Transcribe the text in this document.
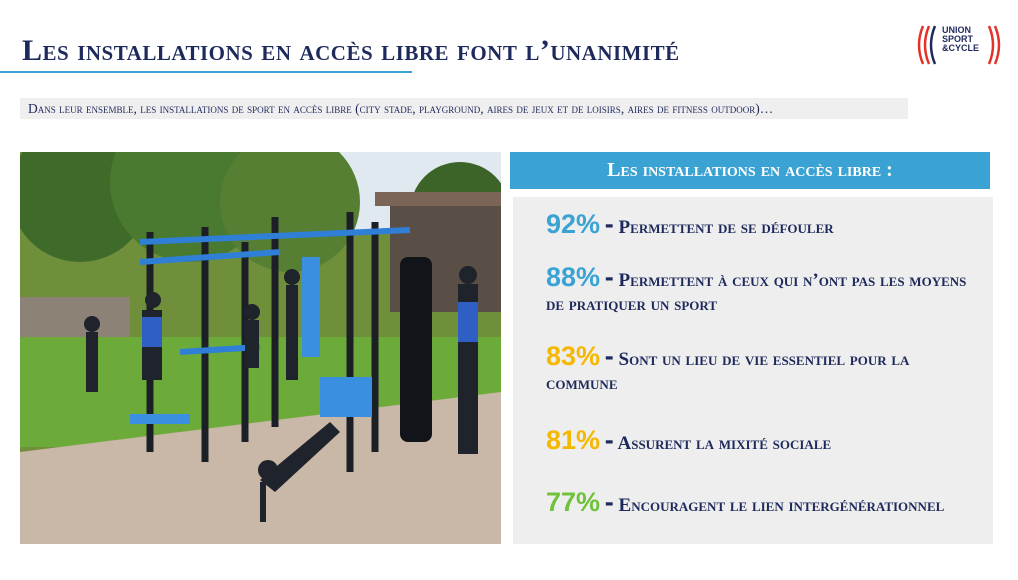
Les installations en accès libre font l’unanimité
UNION
SPORT
&CYCLE
Dans leur ensemble, les installations de sport en accès libre (city stade, playground, aires de jeux et de loisirs, aires de fitness outdoor)…
Les installations en accès libre :
92% - Permettent de se défouler
88% - Permettent à ceux qui n’ont pas les moyens de pratiquer un sport
83% - Sont un lieu de vie essentiel pour la commune
81% - Assurent la mixité sociale
77% - Encouragent le lien intergénérationnel
